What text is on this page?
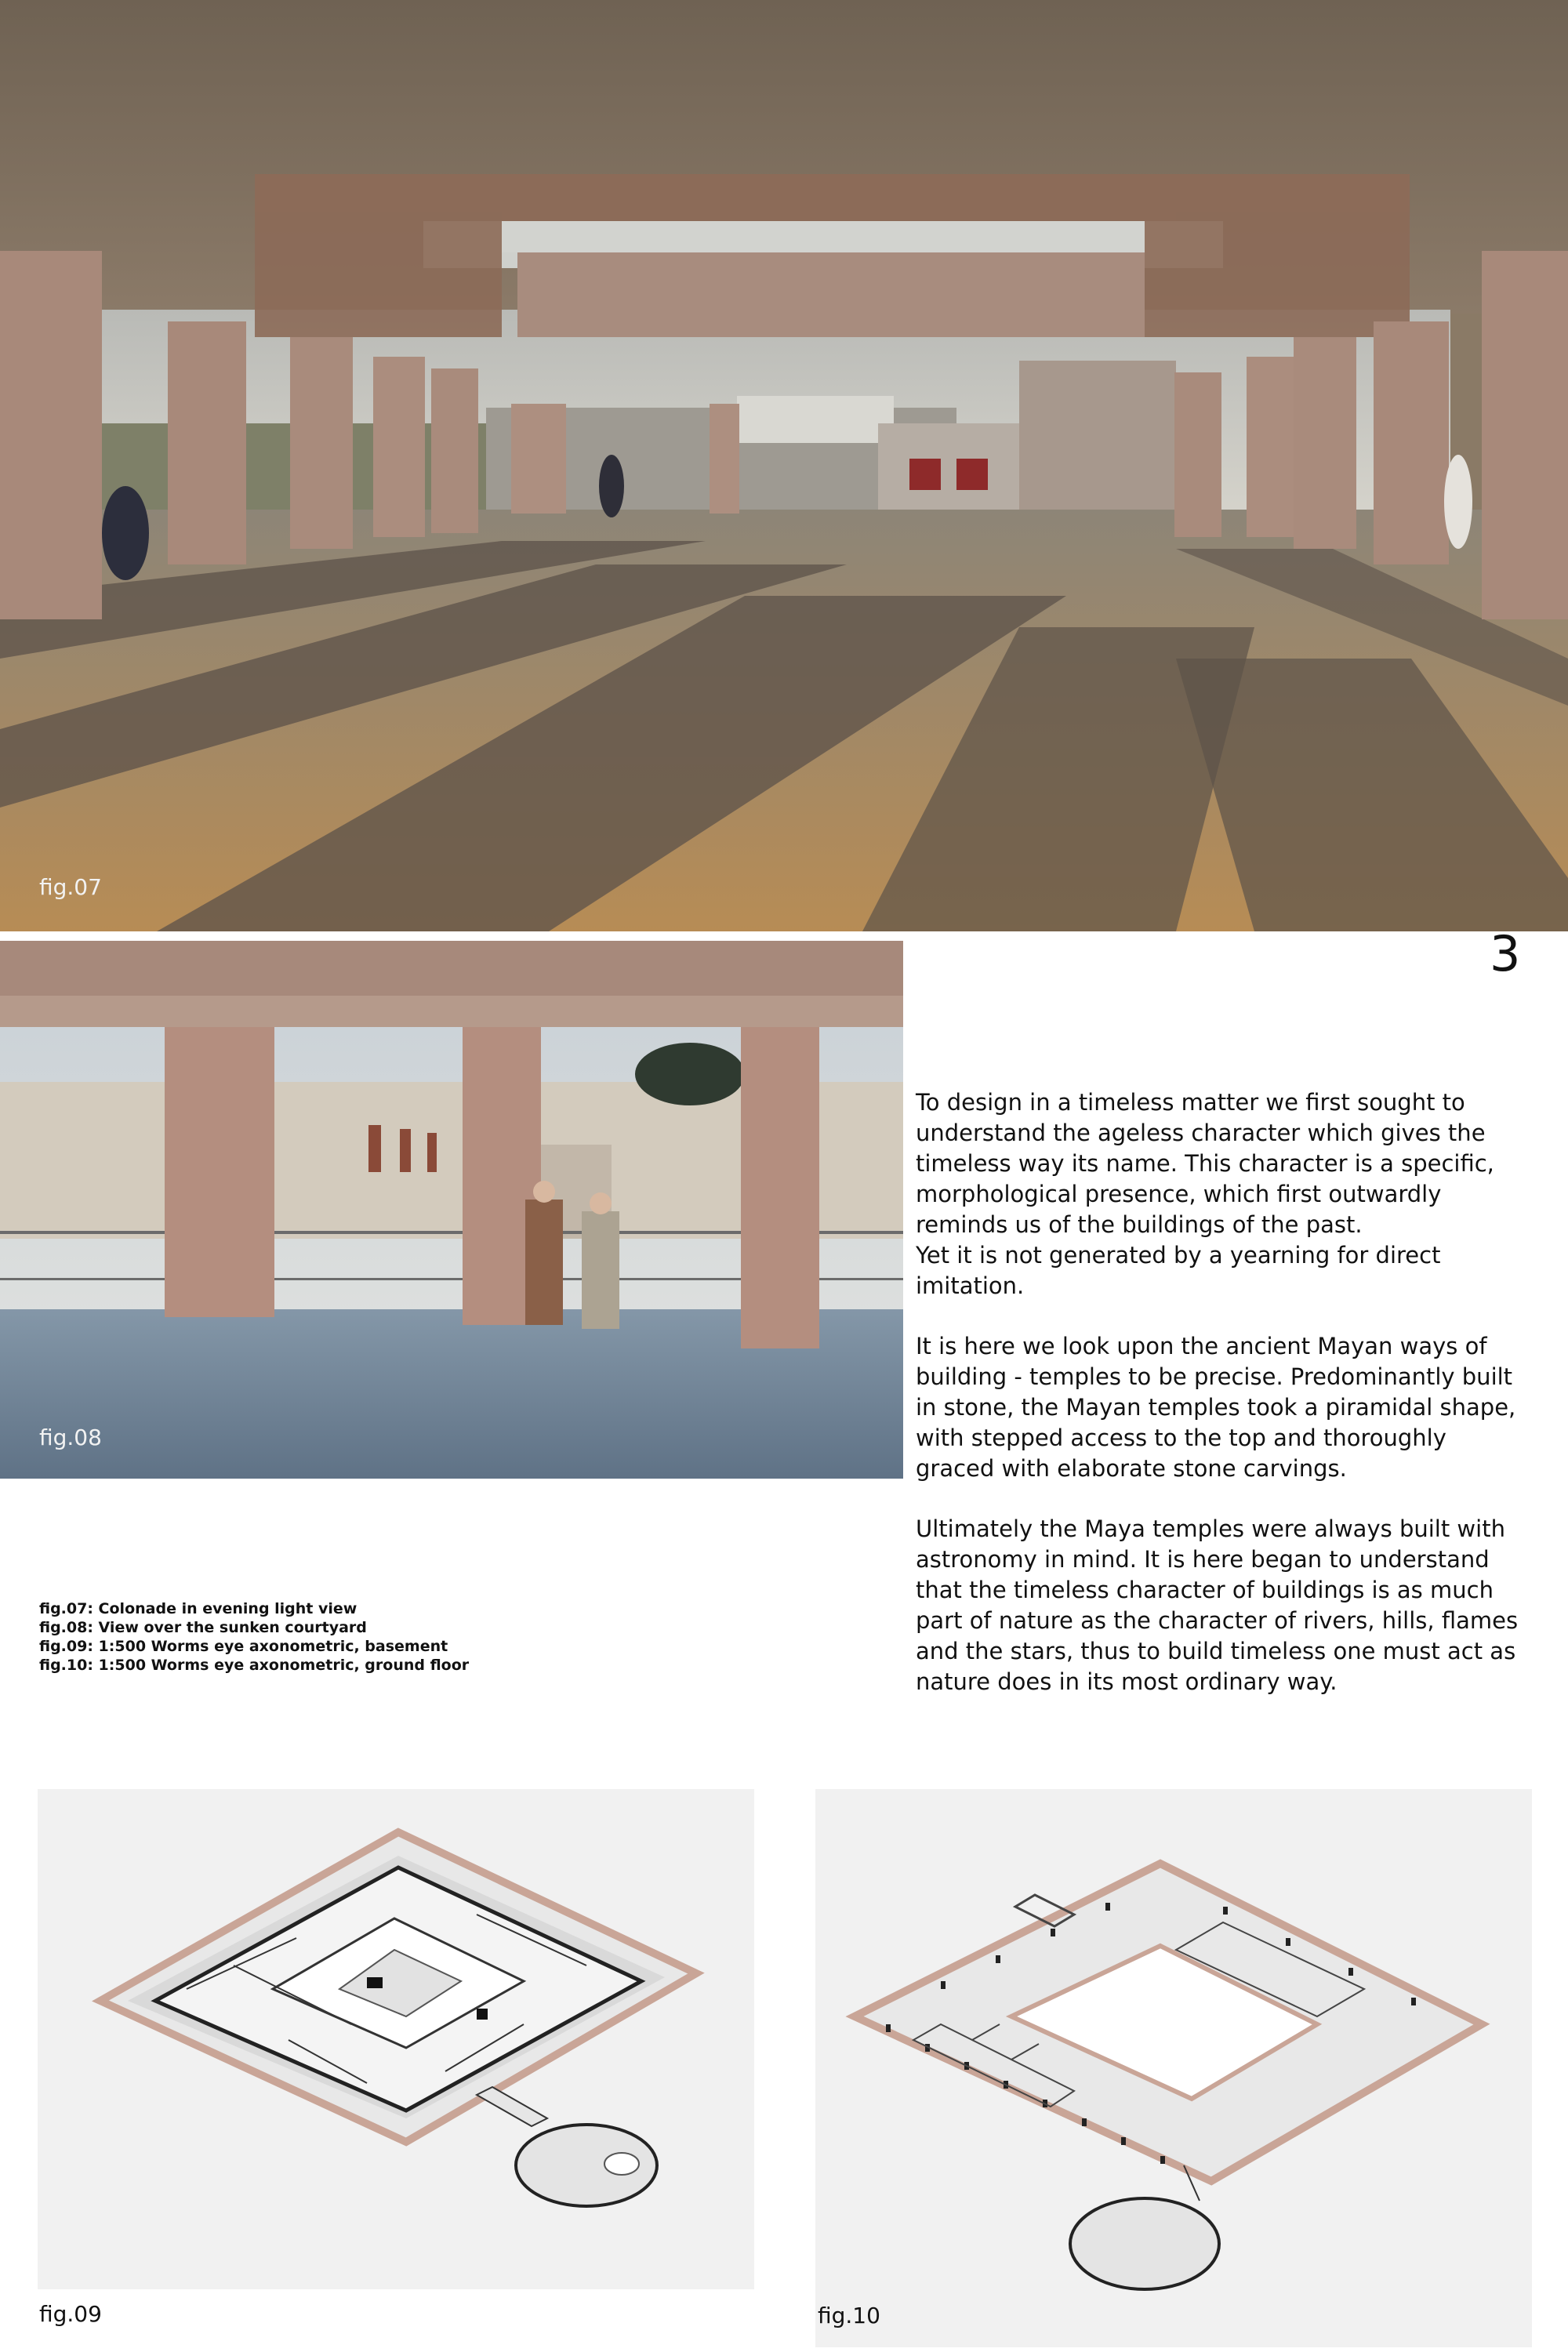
fig.07
fig.08
3

To design in a timeless matter we first sought to
understand the ageless character which gives the
timeless way its name. This character is a specific,
morphological presence, which first outwardly
reminds us of the buildings of the past.
Yet it is not generated by a yearning for direct
imitation.

It is here we look upon the ancient Mayan ways of
building - temples to be precise. Predominantly built
in stone, the Mayan temples took a piramidal shape,
with stepped access to the top and thoroughly
graced with elaborate stone carvings.

Ultimately the Maya temples were always built with
astronomy in mind. It is here began to understand
that the timeless character of buildings is as much
part of nature as the character of rivers, hills, flames
and the stars, thus to build timeless one must act as
nature does in its most ordinary way.

fig.07: Colonade in evening light view
fig.08: View over the sunken courtyard
fig.09: 1:500 Worms eye axonometric, basement
fig.10: 1:500 Worms eye axonometric, ground floor
fig.09	fig.10
